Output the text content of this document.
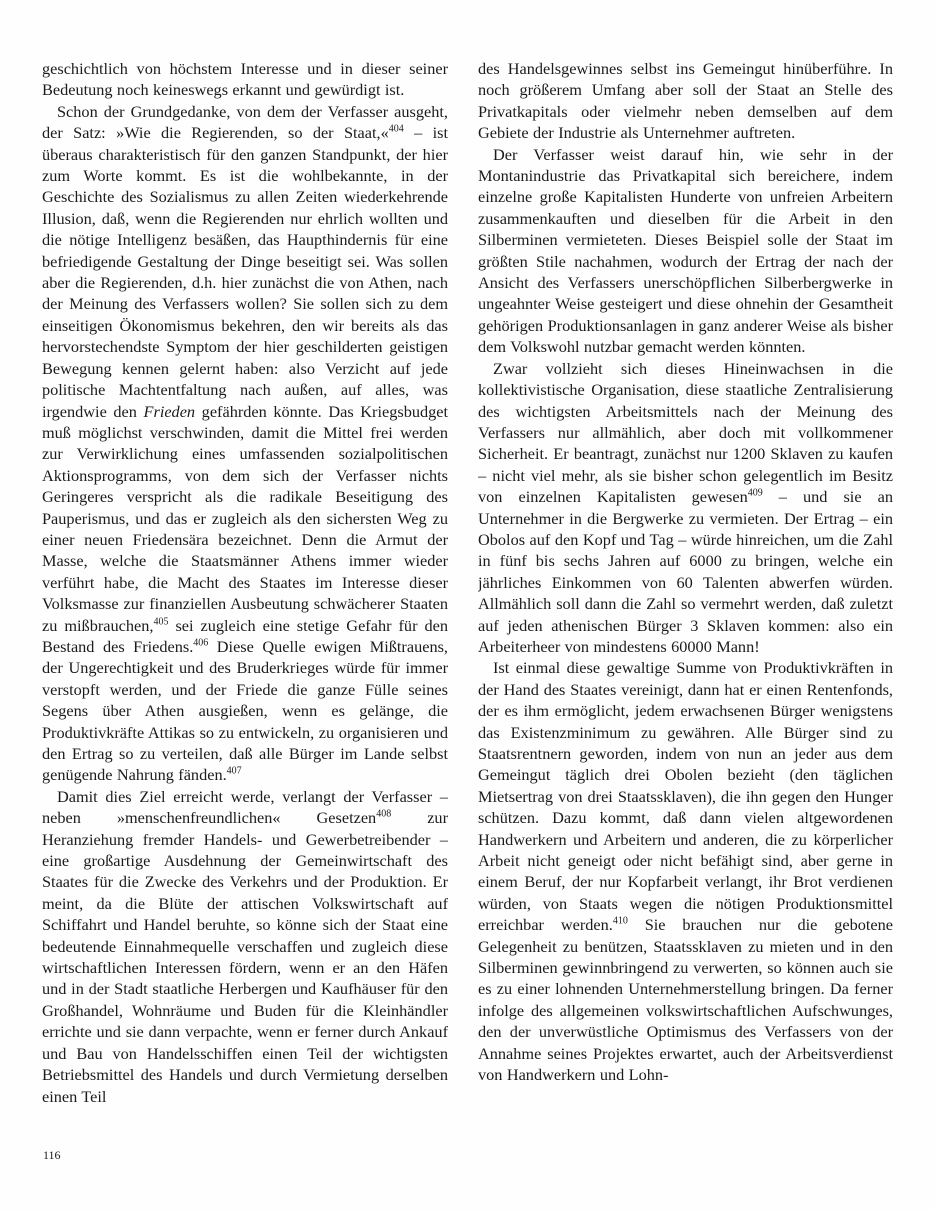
geschichtlich von höchstem Interesse und in dieser seiner Bedeutung noch keineswegs erkannt und gewürdigt ist.

Schon der Grundgedanke, von dem der Verfasser ausgeht, der Satz: »Wie die Regierenden, so der Staat,«$^{404}$ – ist überaus charakteristisch für den ganzen Standpunkt, der hier zum Worte kommt. Es ist die wohlbekannte, in der Geschichte des Sozialismus zu allen Zeiten wiederkehrende Illusion, daß, wenn die Regierenden nur ehrlich wollten und die nötige Intelligenz besäßen, das Haupthindernis für eine befriedigende Gestaltung der Dinge beseitigt sei. Was sollen aber die Regierenden, d.h. hier zunächst die von Athen, nach der Meinung des Verfassers wollen? Sie sollen sich zu dem einseitigen Ökonomismus bekehren, den wir bereits als das hervorstechendste Symptom der hier geschilderten geistigen Bewegung kennen gelernt haben: also Verzicht auf jede politische Machtentfaltung nach außen, auf alles, was irgendwie den Frieden gefährden könnte. Das Kriegsbudget muß möglichst verschwinden, damit die Mittel frei werden zur Verwirklichung eines umfassenden sozialpolitischen Aktionsprogramms, von dem sich der Verfasser nichts Geringeres verspricht als die radikale Beseitigung des Pauperismus, und das er zugleich als den sichersten Weg zu einer neuen Friedensära bezeichnet. Denn die Armut der Masse, welche die Staatsmänner Athens immer wieder verführt habe, die Macht des Staates im Interesse dieser Volksmasse zur finanziellen Ausbeutung schwächerer Staaten zu mißbrauchen,$^{405}$ sei zugleich eine stetige Gefahr für den Bestand des Friedens.$^{406}$ Diese Quelle ewigen Mißtrauens, der Ungerechtigkeit und des Bruderkrieges würde für immer verstopft werden, und der Friede die ganze Fülle seines Segens über Athen ausgießen, wenn es gelänge, die Produktivkräfte Attikas so zu entwickeln, zu organisieren und den Ertrag so zu verteilen, daß alle Bürger im Lande selbst genügende Nahrung fänden.$^{407}$

Damit dies Ziel erreicht werde, verlangt der Verfasser – neben »menschenfreundlichen« Gesetzen$^{408}$ zur Heranziehung fremder Handels- und Gewerbetreibender – eine großartige Ausdehnung der Gemeinwirtschaft des Staates für die Zwecke des Verkehrs und der Produktion. Er meint, da die Blüte der attischen Volkswirtschaft auf Schiffahrt und Handel beruhte, so könne sich der Staat eine bedeutende Einnahmequelle verschaffen und zugleich diese wirtschaftlichen Interessen fördern, wenn er an den Häfen und in der Stadt staatliche Herbergen und Kaufhäuser für den Großhandel, Wohnräume und Buden für die Kleinhändler errichte und sie dann verpachte, wenn er ferner durch Ankauf und Bau von Handelsschiffen einen Teil der wichtigsten Betriebsmittel des Handels und durch Vermietung derselben einen Teil

des Handelsgewinnes selbst ins Gemeingut hinüberführe. In noch größerem Umfang aber soll der Staat an Stelle des Privatkapitals oder vielmehr neben demselben auf dem Gebiete der Industrie als Unternehmer auftreten.

Der Verfasser weist darauf hin, wie sehr in der Montanindustrie das Privatkapital sich bereichere, indem einzelne große Kapitalisten Hunderte von unfreien Arbeitern zusammenkauften und dieselben für die Arbeit in den Silberminen vermieteten. Dieses Beispiel solle der Staat im größten Stile nachahmen, wodurch der Ertrag der nach der Ansicht des Verfassers unerschöpflichen Silberbergwerke in ungeahnter Weise gesteigert und diese ohnehin der Gesamtheit gehörigen Produktionsanlagen in ganz anderer Weise als bisher dem Volkswohl nutzbar gemacht werden könnten.

Zwar vollzieht sich dieses Hineinwachsen in die kollektivistische Organisation, diese staatliche Zentralisierung des wichtigsten Arbeitsmittels nach der Meinung des Verfassers nur allmählich, aber doch mit vollkommener Sicherheit. Er beantragt, zunächst nur 1200 Sklaven zu kaufen – nicht viel mehr, als sie bisher schon gelegentlich im Besitz von einzelnen Kapitalisten gewesen$^{409}$ – und sie an Unternehmer in die Bergwerke zu vermieten. Der Ertrag – ein Obolos auf den Kopf und Tag – würde hinreichen, um die Zahl in fünf bis sechs Jahren auf 6000 zu bringen, welche ein jährliches Einkommen von 60 Talenten abwerfen würden. Allmählich soll dann die Zahl so vermehrt werden, daß zuletzt auf jeden athenischen Bürger 3 Sklaven kommen: also ein Arbeiterheer von mindestens 60000 Mann!

Ist einmal diese gewaltige Summe von Produktivkräften in der Hand des Staates vereinigt, dann hat er einen Rentenfonds, der es ihm ermöglicht, jedem erwachsenen Bürger wenigstens das Existenzminimum zu gewähren. Alle Bürger sind zu Staatsrentnern geworden, indem von nun an jeder aus dem Gemeingut täglich drei Obolen bezieht (den täglichen Mietsertrag von drei Staatssklaven), die ihn gegen den Hunger schützen. Dazu kommt, daß dann vielen altgewordenen Handwerkern und Arbeitern und anderen, die zu körperlicher Arbeit nicht geneigt oder nicht befähigt sind, aber gerne in einem Beruf, der nur Kopfarbeit verlangt, ihr Brot verdienen würden, von Staats wegen die nötigen Produktionsmittel erreichbar werden.$^{410}$ Sie brauchen nur die gebotene Gelegenheit zu benützen, Staatssklaven zu mieten und in den Silberminen gewinnbringend zu verwerten, so können auch sie es zu einer lohnenden Unternehmerstellung bringen. Da ferner infolge des allgemeinen volkswirtschaftlichen Aufschwunges, den der unverwüstliche Optimismus des Verfassers von der Annahme seines Projektes erwartet, auch der Arbeitsverdienst von Handwerkern und Lohn-

116
